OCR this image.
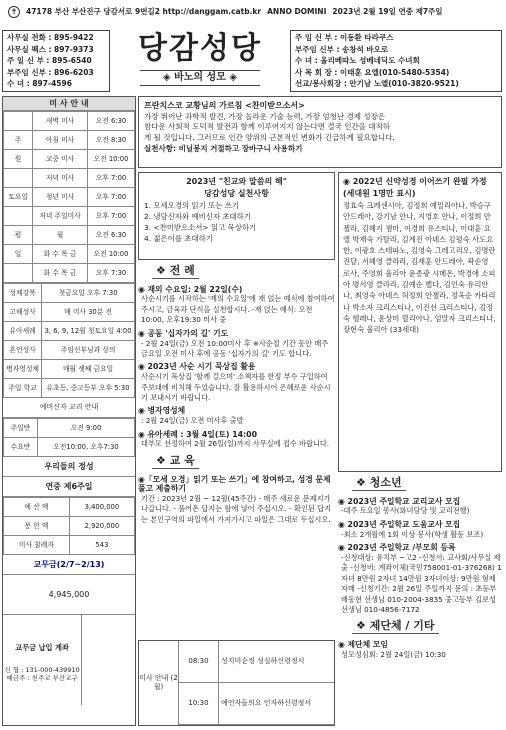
✝	47178 부산 부산진구 당감서로 9번길2 http://danggam.catb.kr ANNO DOMINI 2023년 2월 19일 연중 제7주일
사무실 전화 : 895-9422
사무실 팩스 : 897-9373
주 일 신 부 : 895-6540
부주임 신부 : 896-6203
수 녀 : 897-4596
당감성당
◈ 바노의 성모 ◈
주 임 신 부 : 이동환 타라쿠스
부주임 신부 : 송창석 바오로
수 녀 : 올리베따노 성베네딕도 수녀회
사 목 회 장 : 이태훈 요엘(010-5480-5354)
선교/봉사회장 : 안기남 노엘(010-3820-9521)
미 사 안 내
	새벽 미사	오전 6:30
주	아침 미사	오전 8:30
원	교중 미사	오전 10:00
	저녁 미사	오후 7:00
토요일	청년 미사	오후 7:00
	저녁 주일미사	오후 7:00
평	월	오전 6:30
일	화 수 목 금	오전 10:00
	화 수 목 금	오후 7:30
성체강복	첫금요일 오후 7:30
고해성사	매 미사 30분 전
유아세례	3, 6, 9, 12월 첫토요일 4:00
혼인성사	주임신부님과 상의
병자영성체	매월 셋째 금요일
주일 학교	유초등, 중고등부 오후 5:30
예비신자 교리 안내
주일반	오전 9:00
수요반	오전10:00, 오후7:30
우리들의 정성
연중 제6주일
예 산 액	3,400,000
봉 헌 액	2,920,000
미사 참례자	543
교무금(2/7~2/13)
4,945,000
교무금 납입 계좌
신 협 : 131-000-439910
예금주 : 천주교 부산교구
프란치스코 교황님의 가르침 <찬미받으소서>
가장 뛰어난 과학적 발견, 가장 놀라운 기술 능력, 가장 엄청난 경제 성장은
참다운 사회적 도덕적 발전과 함께 이루어지지 않는다면 결국 인간을 대적하
게 될 것입니다. 그러므로 인간 양위의 근본적인 변화가 긴급하게 필요합니다.
실천사항: 비닐봉지 거절하고 장바구니 사용하기
2023년 "친교와 말씀의 해"
당감성당 실천사항
1. 모세오경의 읽기 또는 쓰기
2. 냉담신자와 예비신자 초대하기
3. <찬미받으소서> 읽고 묵상하기
4. 젊은이를 초대하기
❖ 전 례
◉ 재의 수요일: 2월 22일(수)
사순시기를 시작하는 '재의 수요일'에 재 얹는 예식에 참여하여 주시고, 금육과 단식을 실천합시다. -재 얹는 예식: 오전10:00, 오후19:30 미사 중
◉ 공동 '십자가의 길' 기도
- 2월 24일(금) 오전 10:00미사 후 ※사순절 기간 동안 매주 금요일 오전 미사 후에 공동 '십자가의 길' 기도 합니다.
◉ 2023년 사순 시기 묵상집 활용
사순시기 묵상집 '함께 걸으며' 소책자를 한정 부수 구입하여 주보대에 비치해 두었습니다. 잘 활용하시어 은혜로운 사순시기 보내시기 바랍니다.
◉ 병자영성체
: 2월 24일(금) 오전 미사후 출발
◉ 유아세례 : 3월 4일(토) 14:00
대부모 선정하여 2월 26일(일)까지 사무실에 접수 바랍니다.
❖ 교 육
◉「모세 오경」읽기 또는 쓰기」에 참여하고, 성경 문제 풀고 제출하기
기간 : 2023년 2월 ~ 12월(45주간) - 매주 새로운 문제지가 나갑니다. - 풀어온 답지는 함에 넣어 주십시오. - 확인된 답지는 본인구역의 파일에서 가져가시고 파일은 그대로 두십시오.
◉ 2022년 신약성경 이어쓰기 완필 가정(세대원 1명만 표시)
정효숙 크레센시아, 김정희 에밀리아나, 박승구 안드레아, 강기남 안나, 지영호 안나, 이정희 안젤라, 김혜지 젬마, 이경희 유스티나, 이대훈 요엘 박재숙 가탈라, 김계진 아녜스 김평숙 사도요한, 이광호 스테파노, 김영숙 그레고리오, 김명란 진달, 서혜영 클라라, 김재훈 안드레아, 곽순영 로사, 주영희 율리아 윤종광 시메온, 박경애 소피아 명서영 클라라, 김예순 벨다, 김인숙 유리안나, 최영숙 아녜스 허정희 안젤라, 정옥순 카타리나 박소자 크리스티나, 이진선 크리스티나, 김정숙 헬레나, 윤상미 릴리아나, 엄말자 크리스티나, 장현숙 율리아 (33세대)
❖ 청소년
◉ 2023년 주일학교 교리교사 모집
-대주 토요일 봉사(화녀담당 및 교리전행)
◉ 2023년 주일학교 도움교사 모집
-최소 2개월에 1회 이상 봉사(학생 활동 보조)
◉ 2023년 주일학교 /부모회 등록
-신청대상: 유치부 ~고2 -신청서: 교사회/사무실 제출 -신청비: 계좌이체(국민758001-01-376268) 1자녀 8만원 2자녀 14만원 3자녀이상: 9만원 형제자매 -신청기간: 2월 26일 주일까지 문의 : 초등부 배동현 선생님 010-2004-3835 중고등부 김보성 선생님 010-4856-7172
❖ 제단체 / 기타
◉ 제단체 모임
성모성심회: 2월 24일(금) 10:30
미사 안내 (2월)
08:30	성지미순정 성실하신령정서
10:30	예언자들의요 인자하신령정서
